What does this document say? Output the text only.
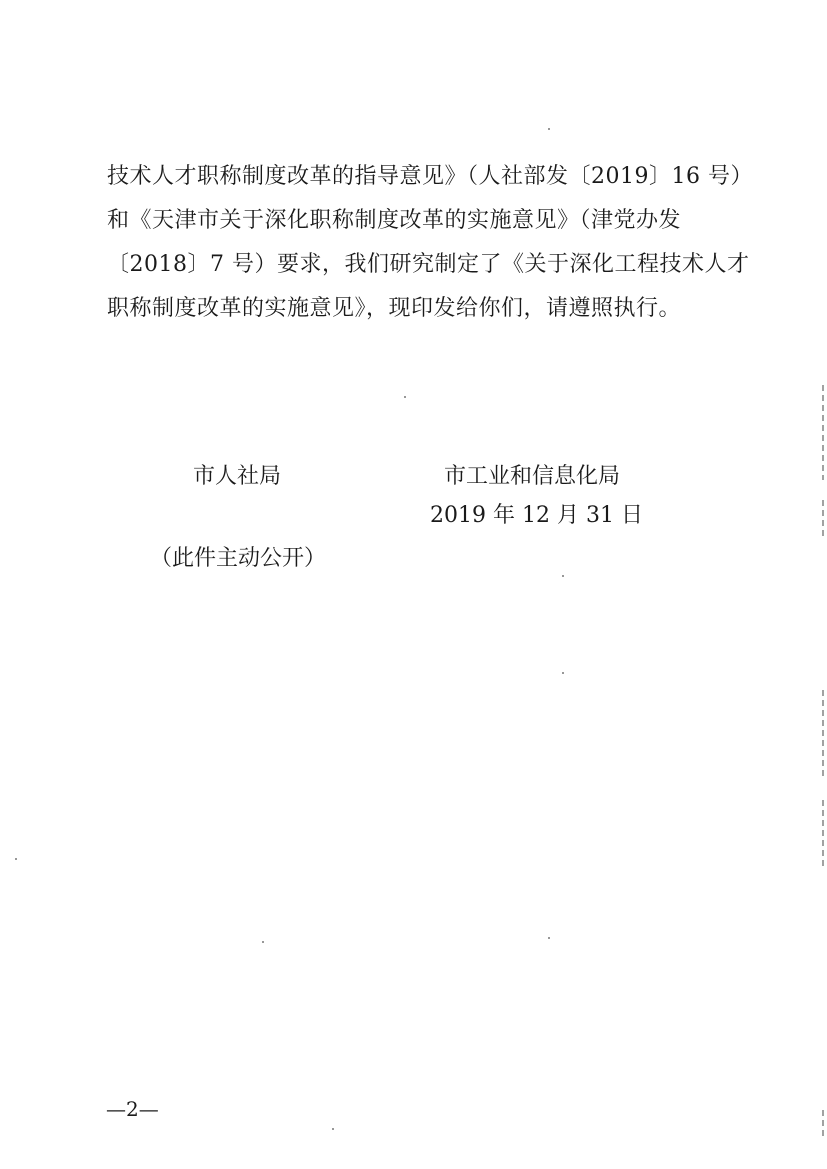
技术人才职称制度改革的指导意见》（人社部发〔2019〕16 号）
和《天津市关于深化职称制度改革的实施意见》（津党办发
〔2018〕7 号）要求，我们研究制定了《关于深化工程技术人才
职称制度改革的实施意见》，现印发给你们，请遵照执行。
市人社局	市工业和信息化局
2019 年 12 月 31 日
（此件主动公开）
—2—
